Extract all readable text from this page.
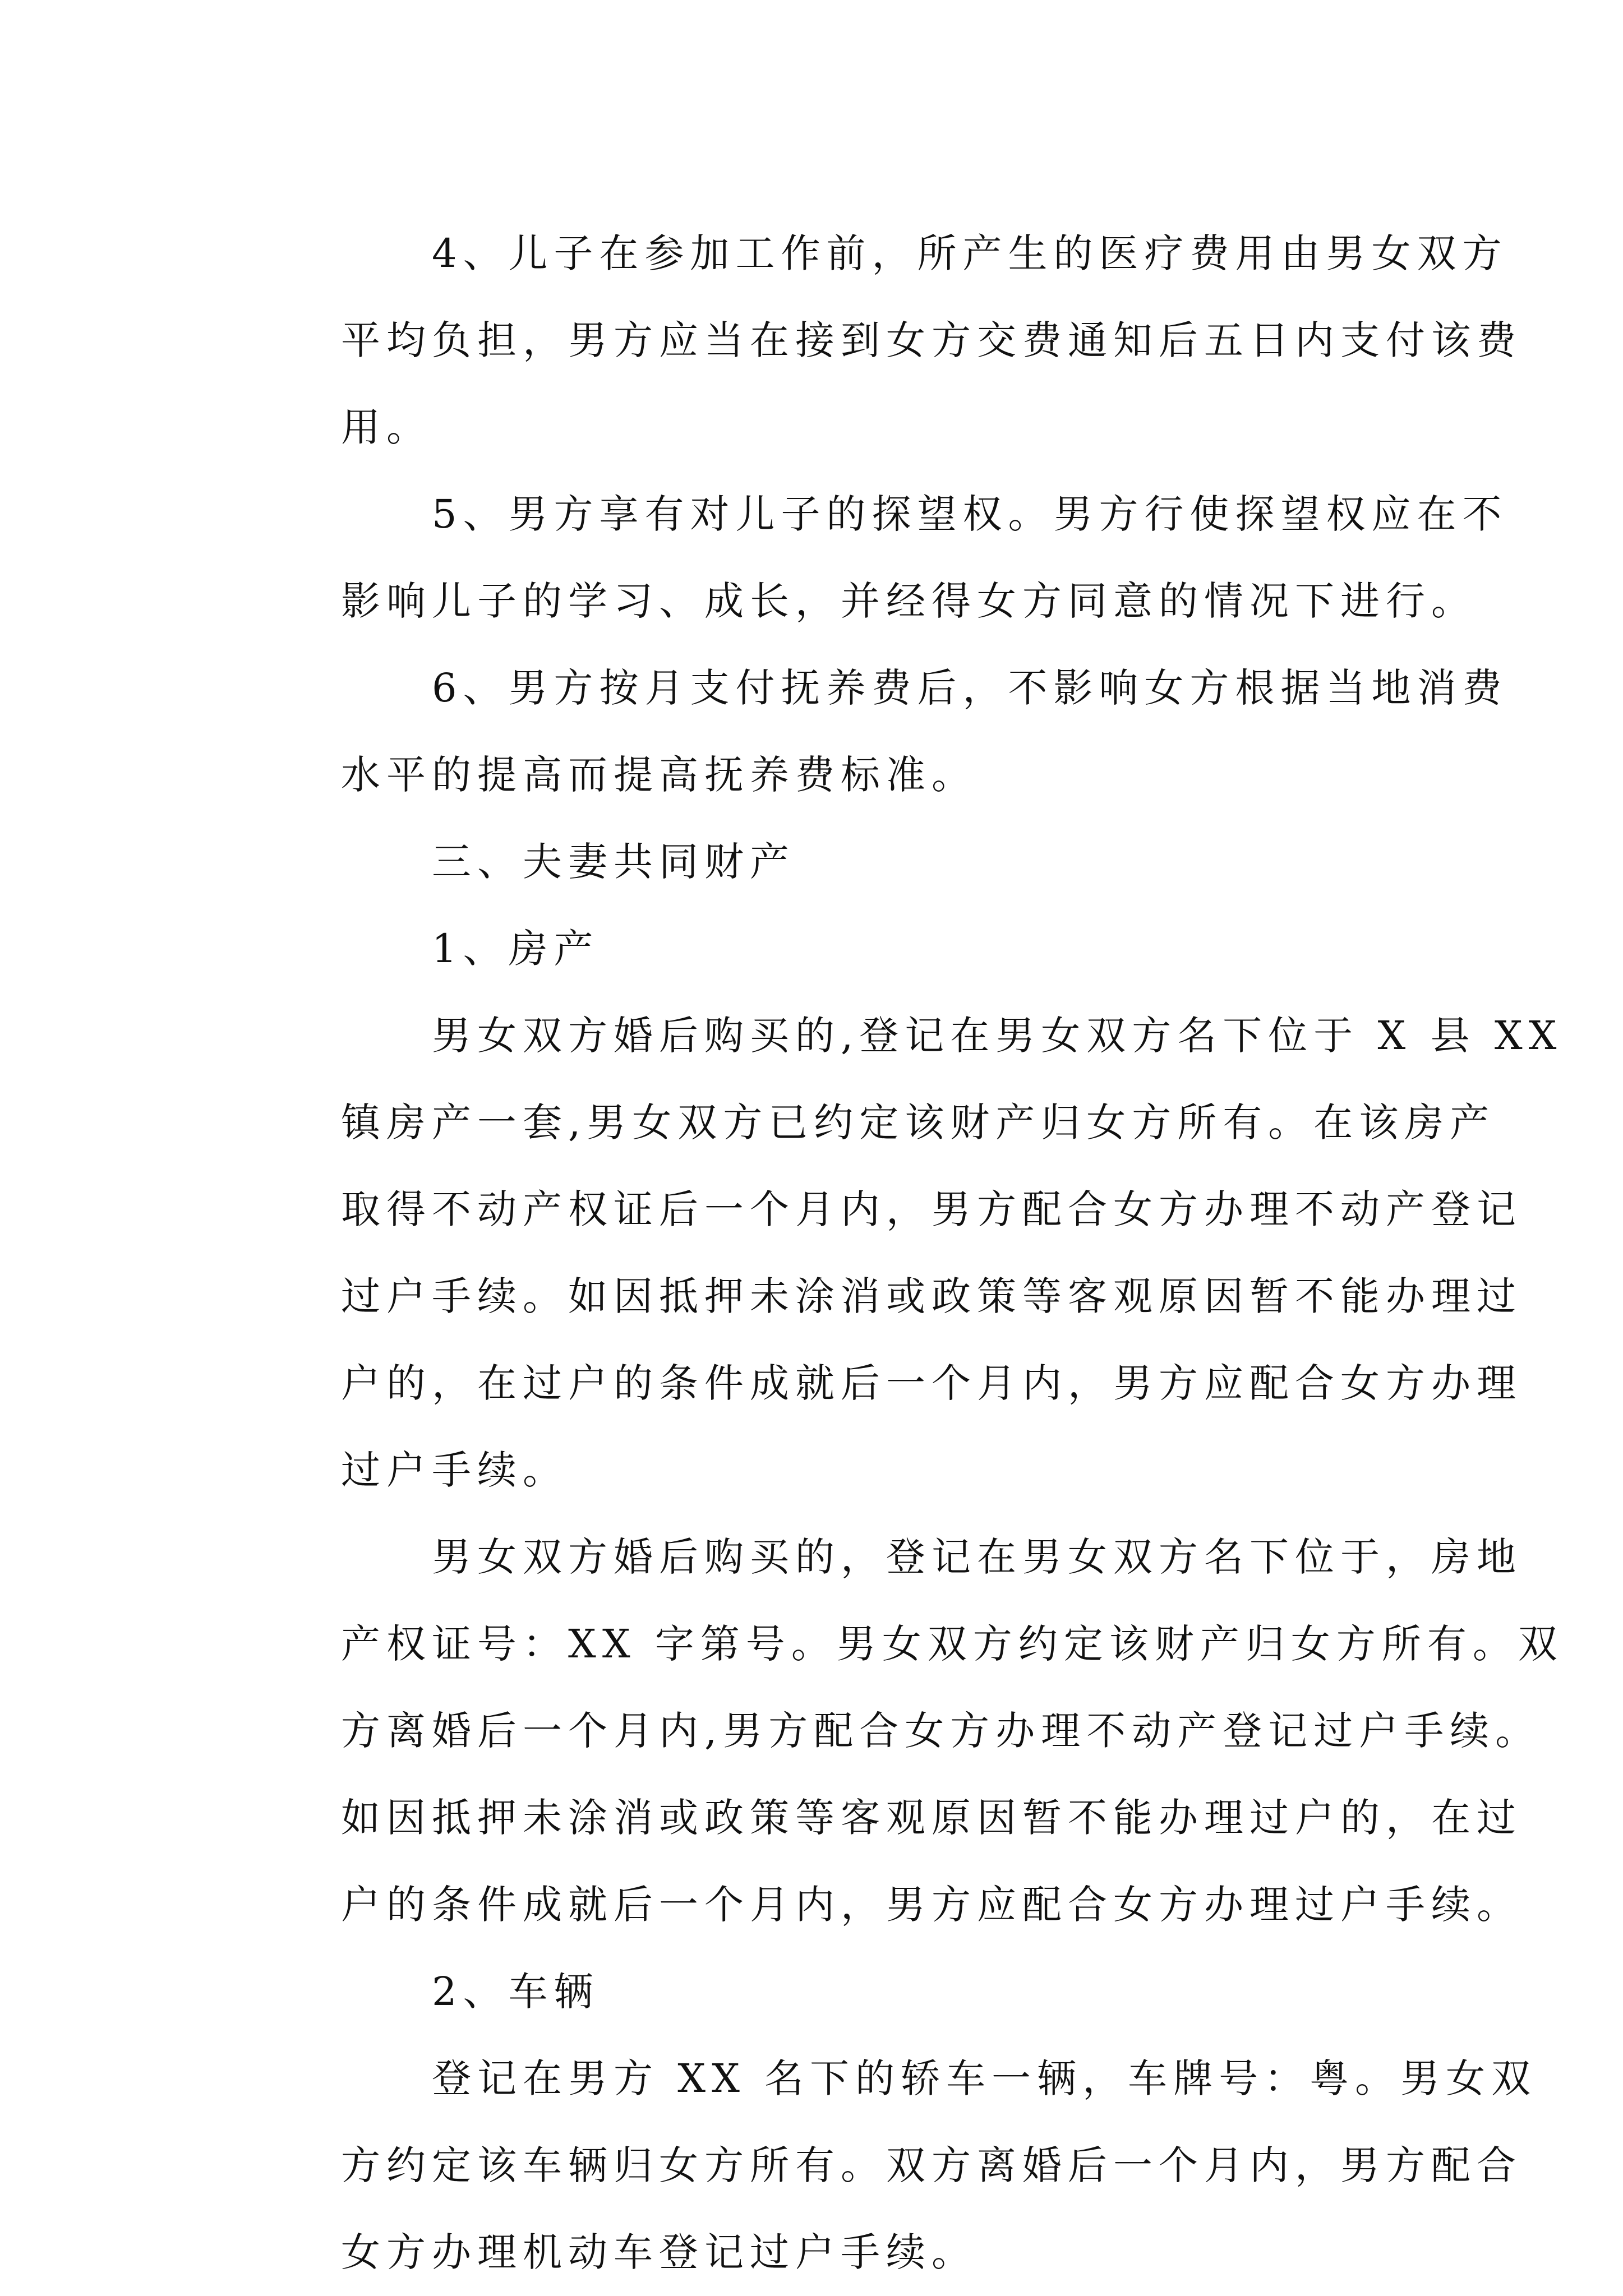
4、儿子在参加工作前，所产生的医疗费用由男女双方
平均负担，男方应当在接到女方交费通知后五日内支付该费
用。
5、男方享有对儿子的探望权。男方行使探望权应在不
影响儿子的学习、成长，并经得女方同意的情况下进行。
6、男方按月支付抚养费后，不影响女方根据当地消费
水平的提高而提高抚养费标准。
三、夫妻共同财产
1、房产
男女双方婚后购买的,登记在男女双方名下位于 X 县 XX
镇房产一套,男女双方已约定该财产归女方所有。在该房产
取得不动产权证后一个月内，男方配合女方办理不动产登记
过户手续。如因抵押未涂消或政策等客观原因暂不能办理过
户的，在过户的条件成就后一个月内，男方应配合女方办理
过户手续。
男女双方婚后购买的，登记在男女双方名下位于，房地
产权证号：XX 字第号。男女双方约定该财产归女方所有。双
方离婚后一个月内,男方配合女方办理不动产登记过户手续。
如因抵押未涂消或政策等客观原因暂不能办理过户的，在过
户的条件成就后一个月内，男方应配合女方办理过户手续。
2、车辆
登记在男方 XX 名下的轿车一辆，车牌号：粤。男女双
方约定该车辆归女方所有。双方离婚后一个月内，男方配合
女方办理机动车登记过户手续。
